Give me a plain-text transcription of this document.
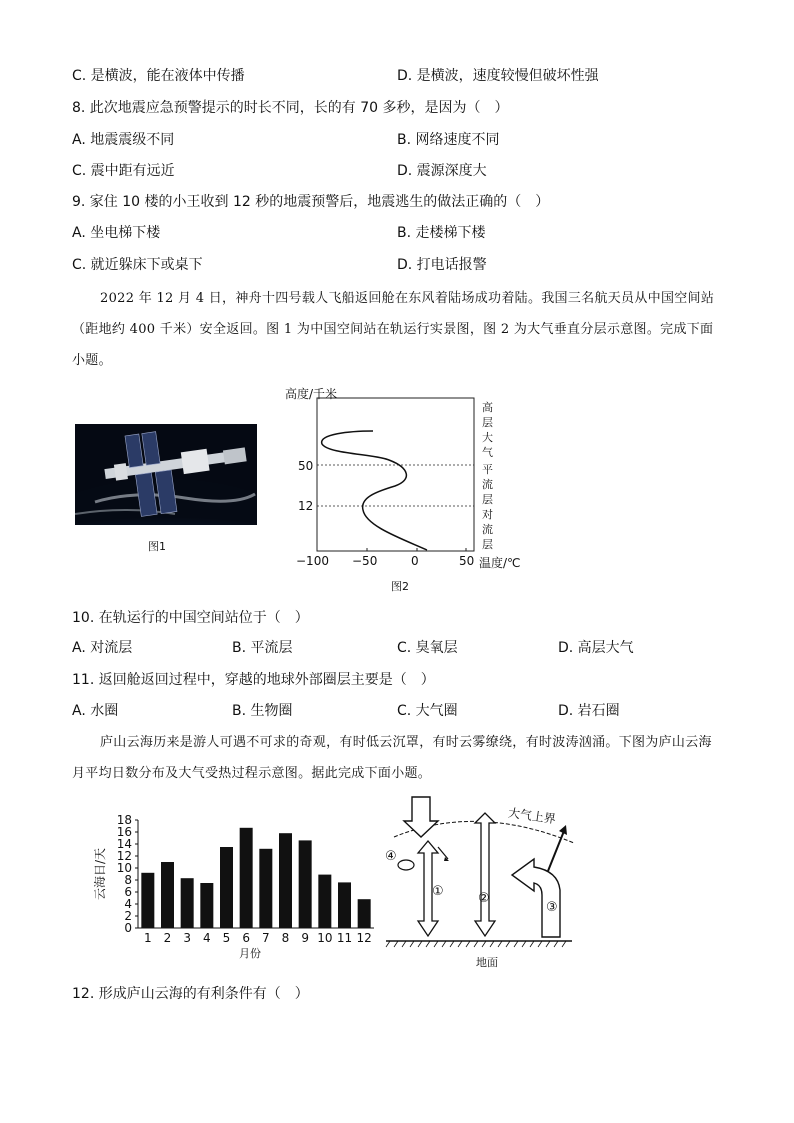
C. 是横波，能在液体中传播	D. 是横波，速度较慢但破坏性强
8. 此次地震应急预警提示的时长不同，长的有 70 多秒，是因为（　）
A. 地震震级不同	B. 网络速度不同
C. 震中距有远近	D. 震源深度大
9. 家住 10 楼的小王收到 12 秒的地震预警后，地震逃生的做法正确的（　）
A. 坐电梯下楼	B. 走楼梯下楼
C. 就近躲床下或桌下	D. 打电话报警
2022 年 12 月 4 日，神舟十四号载人飞船返回舱在东风着陆场成功着陆。我国三名航天员从中国空间站（距地约 400 千米）安全返回。图 1 为中国空间站在轨运行实景图，图 2 为大气垂直分层示意图。完成下面小题。
图1
高度/千米
50
12
−100 −50	0	50 温度/℃
高层大气
平流层
对流层
图2
10. 在轨运行的中国空间站位于（　）
A. 对流层	B. 平流层	C. 臭氧层	D. 高层大气
11. 返回舱返回过程中，穿越的地球外部圈层主要是（　）
A. 水圈	B. 生物圈	C. 大气圈	D. 岩石圈
庐山云海历来是游人可遇不可求的奇观，有时低云沉罩，有时云雾缭绕，有时波涛汹涌。下图为庐山云海月平均日数分布及大气受热过程示意图。据此完成下面小题。
0
2
4
6
8
10
12
14
16
18
1 2 3 4 5 6 7 8 9 10 11 12
月份
云海日/天
大气上界
④
①	②
③
地面
12. 形成庐山云海的有利条件有（　）
